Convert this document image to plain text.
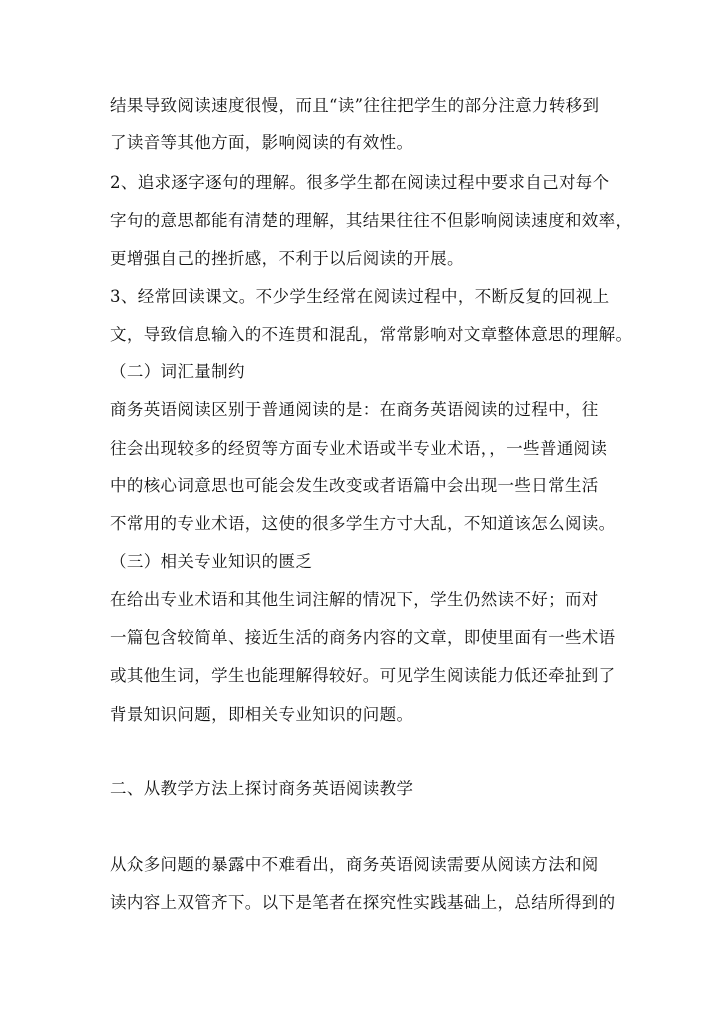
结果导致阅读速度很慢，而且“读”往往把学生的部分注意力转移到
了读音等其他方面，影响阅读的有效性。
2、追求逐字逐句的理解。很多学生都在阅读过程中要求自己对每个
字句的意思都能有清楚的理解，其结果往往不但影响阅读速度和效率，
更增强自己的挫折感，不利于以后阅读的开展。
3、经常回读课文。不少学生经常在阅读过程中，不断反复的回视上
文，导致信息输入的不连贯和混乱，常常影响对文章整体意思的理解。
（二）词汇量制约
商务英语阅读区别于普通阅读的是：在商务英语阅读的过程中，往
往会出现较多的经贸等方面专业术语或半专业术语，，一些普通阅读
中的核心词意思也可能会发生改变或者语篇中会出现一些日常生活
不常用的专业术语，这使的很多学生方寸大乱，不知道该怎么阅读。
（三）相关专业知识的匮乏
在给出专业术语和其他生词注解的情况下，学生仍然读不好；而对
一篇包含较简单、接近生活的商务内容的文章，即使里面有一些术语
或其他生词，学生也能理解得较好。可见学生阅读能力低还牵扯到了
背景知识问题，即相关专业知识的问题。
二、从教学方法上探讨商务英语阅读教学
从众多问题的暴露中不难看出，商务英语阅读需要从阅读方法和阅
读内容上双管齐下。以下是笔者在探究性实践基础上，总结所得到的
